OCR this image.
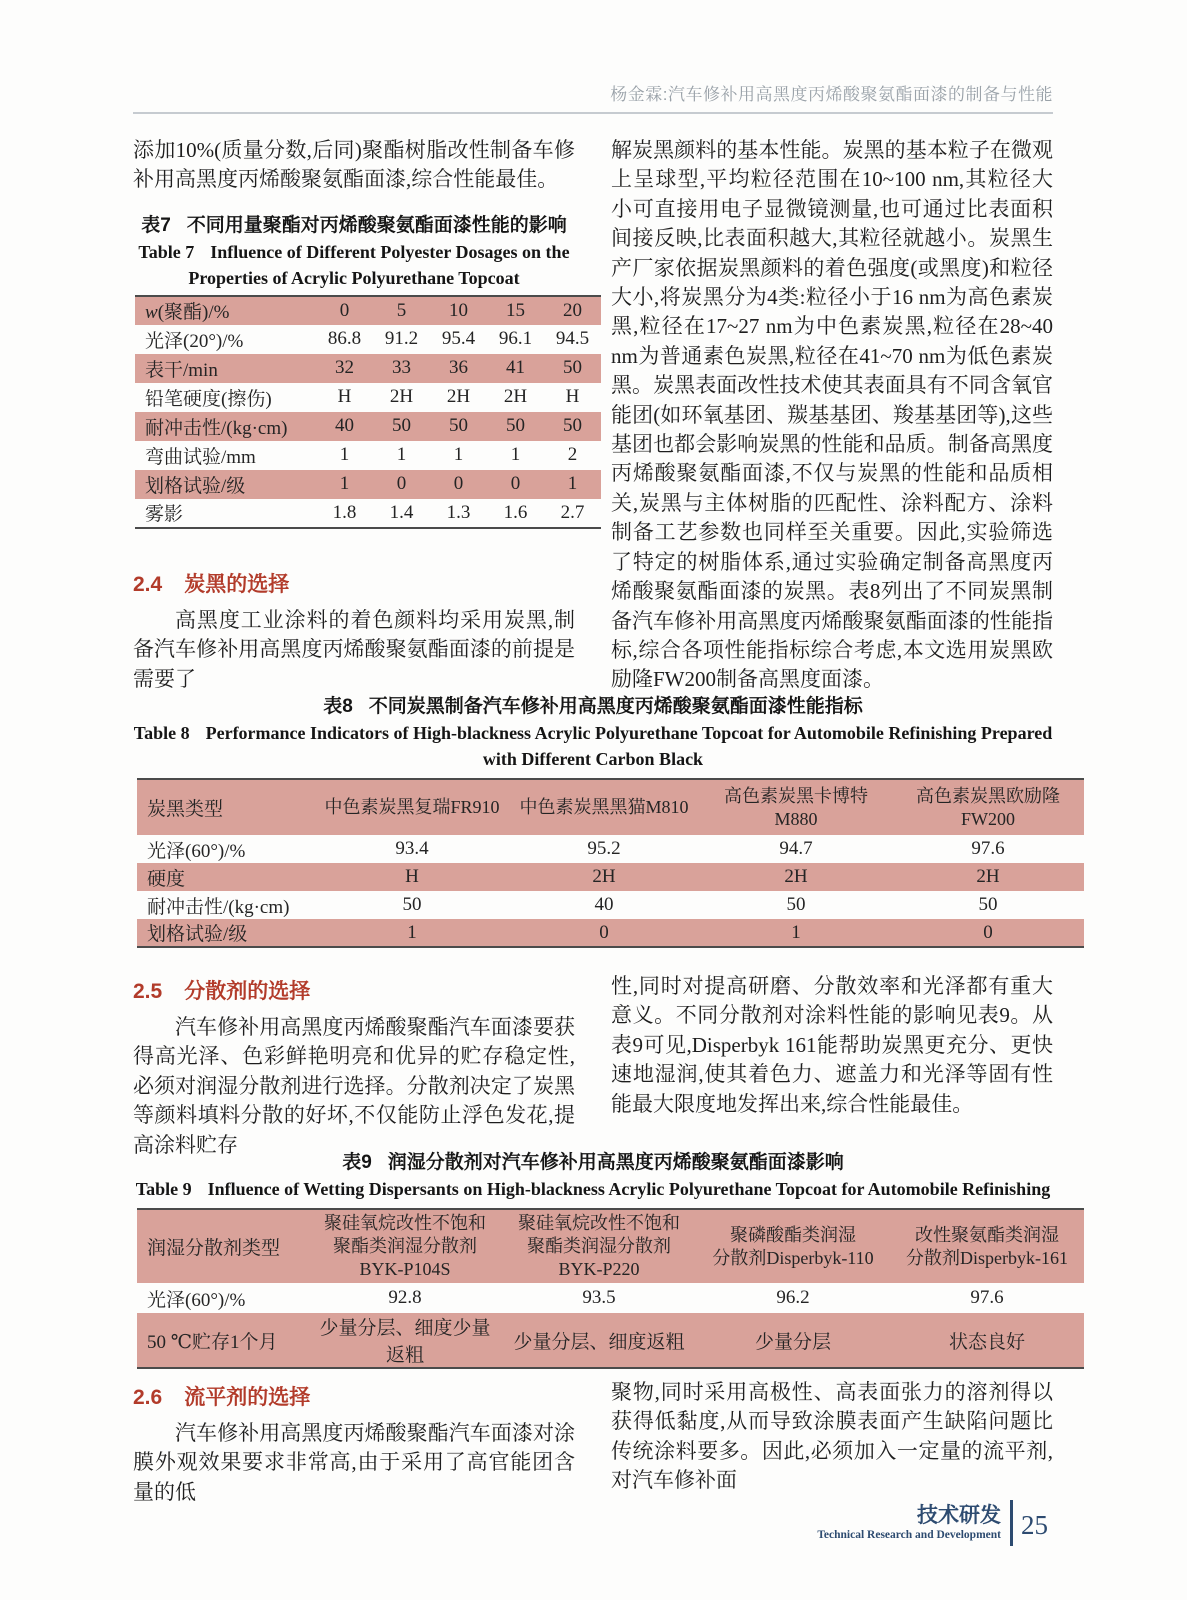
杨金霖:汽车修补用高黑度丙烯酸聚氨酯面漆的制备与性能

添加10%(质量分数,后同)聚酯树脂改性制备车修补用高黑度丙烯酸聚氨酯面漆,综合性能最佳。

表7 不同用量聚酯对丙烯酸聚氨酯面漆性能的影响
Table 7 Influence of Different Polyester Dosages on the
Properties of Acrylic Polyurethane Topcoat
w(聚酯)/%	0	5	10	15	20
光泽(20°)/%	86.8	91.2	95.4	96.1	94.5
表干/min	32	33	36	41	50
铅笔硬度(擦伤)	H	2H	2H	2H	H
耐冲击性/(kg·cm)	40	50	50	50	50
弯曲试验/mm	1	1	1	1	2
划格试验/级	1	0	0	0	1
雾影	1.8	1.4	1.3	1.6	2.7
2.4 炭黑的选择

高黑度工业涂料的着色颜料均采用炭黑,制备汽车修补用高黑度丙烯酸聚氨酯面漆的前提是需要了

解炭黑颜料的基本性能。炭黑的基本粒子在微观上呈球型,平均粒径范围在10~100 nm,其粒径大小可直接用电子显微镜测量,也可通过比表面积间接反映,比表面积越大,其粒径就越小。炭黑生产厂家依据炭黑颜料的着色强度(或黑度)和粒径大小,将炭黑分为4类:粒径小于16 nm为高色素炭黑,粒径在17~27 nm为中色素炭黑,粒径在28~40 nm为普通素色炭黑,粒径在41~70 nm为低色素炭黑。炭黑表面改性技术使其表面具有不同含氧官能团(如环氧基团、羰基基团、羧基基团等),这些基团也都会影响炭黑的性能和品质。制备高黑度丙烯酸聚氨酯面漆,不仅与炭黑的性能和品质相关,炭黑与主体树脂的匹配性、涂料配方、涂料制备工艺参数也同样至关重要。因此,实验筛选了特定的树脂体系,通过实验确定制备高黑度丙烯酸聚氨酯面漆的炭黑。表8列出了不同炭黑制备汽车修补用高黑度丙烯酸聚氨酯面漆的性能指标,综合各项性能指标综合考虑,本文选用炭黑欧励隆FW200制备高黑度面漆。

表8 不同炭黑制备汽车修补用高黑度丙烯酸聚氨酯面漆性能指标
Table 8 Performance Indicators of High-blackness Acrylic Polyurethane Topcoat for Automobile Refinishing Prepared
with Different Carbon Black
炭黑类型	中色素炭黑复瑞FR910	中色素炭黑黑猫M810	高色素炭黑卡博特
M880	高色素炭黑欧励隆
FW200

光泽(60°)/%	93.4	95.2	94.7	97.6
硬度	H	2H	2H	2H
耐冲击性/(kg·cm)	50	40	50	50
划格试验/级	1	0	1	0
2.5 分散剂的选择

汽车修补用高黑度丙烯酸聚酯汽车面漆要获得高光泽、色彩鲜艳明亮和优异的贮存稳定性,必须对润湿分散剂进行选择。分散剂决定了炭黑等颜料填料分散的好坏,不仅能防止浮色发花,提高涂料贮存

性,同时对提高研磨、分散效率和光泽都有重大意义。不同分散剂对涂料性能的影响见表9。从表9可见,Disperbyk 161能帮助炭黑更充分、更快速地湿润,使其着色力、遮盖力和光泽等固有性能最大限度地发挥出来,综合性能最佳。

表9 润湿分散剂对汽车修补用高黑度丙烯酸聚氨酯面漆影响
Table 9 Influence of Wetting Dispersants on High-blackness Acrylic Polyurethane Topcoat for Automobile Refinishing
润湿分散剂类型	聚硅氧烷改性不饱和
聚酯类润湿分散剂
BYK-P104S	聚硅氧烷改性不饱和
聚酯类润湿分散剂
BYK-P220	聚磷酸酯类润湿
分散剂Disperbyk-110	改性聚氨酯类润湿
分散剂Disperbyk-161

光泽(60°)/%	92.8	93.5	96.2	97.6
50 ℃贮存1个月	少量分层、细度少量返粗	少量分层、细度返粗	少量分层	状态良好
2.6 流平剂的选择

汽车修补用高黑度丙烯酸聚酯汽车面漆对涂膜外观效果要求非常高,由于采用了高官能团含量的低

聚物,同时采用高极性、高表面张力的溶剂得以获得低黏度,从而导致涂膜表面产生缺陷问题比传统涂料要多。因此,必须加入一定量的流平剂,对汽车修补面

技术研发
Technical Research and Development 25
